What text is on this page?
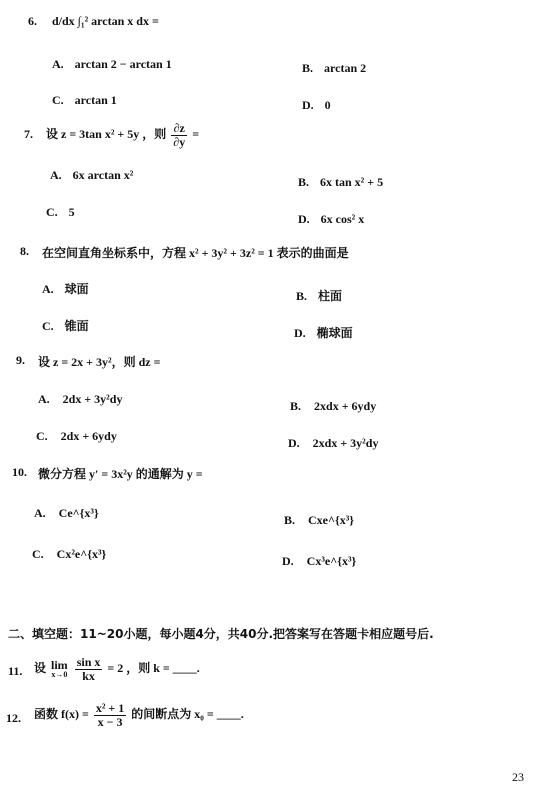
6. d/dx ∫₁² arctan x dx =
A. arctan 2 − arctan 1	B. arctan 2
C. arctan 1	D. 0
7. 设 z = 3tan x² + 5y ，则 $\frac{\partial z}{\partial y}$ =
A. 6x arctan x²	B. 6x tan x² + 5
C. 5	D. 6x cos² x
8. 在空间直角坐标系中，方程 x² + 3y² + 3z² = 1 表示的曲面是
A. 球面	B. 柱面
C. 锥面	D. 椭球面
9. 设 z = 2x + 3y²，则 dz =
A. 2dx + 3y²dy	B. 2xdx + 6ydy
C. 2dx + 6ydy	D. 2xdx + 3y²dy
10. 微分方程 y′ = 3x²y 的通解为 y =
A. Ce^{x³}	B. Cxe^{x³}
C. Cx²e^{x³}	D. Cx³e^{x³}
二、填空题：11~20小题，每小题4分，共40分.把答案写在答题卡相应题号后.
11. 设 lim
x→0
$\frac{\text{sin x}}{kx} = 2$ ，则 k = ____.
12. 函数 $f(x) = \frac{\text{x² + 1}}{x - 3}$ 的间断点为 x₀ = ____.
23
